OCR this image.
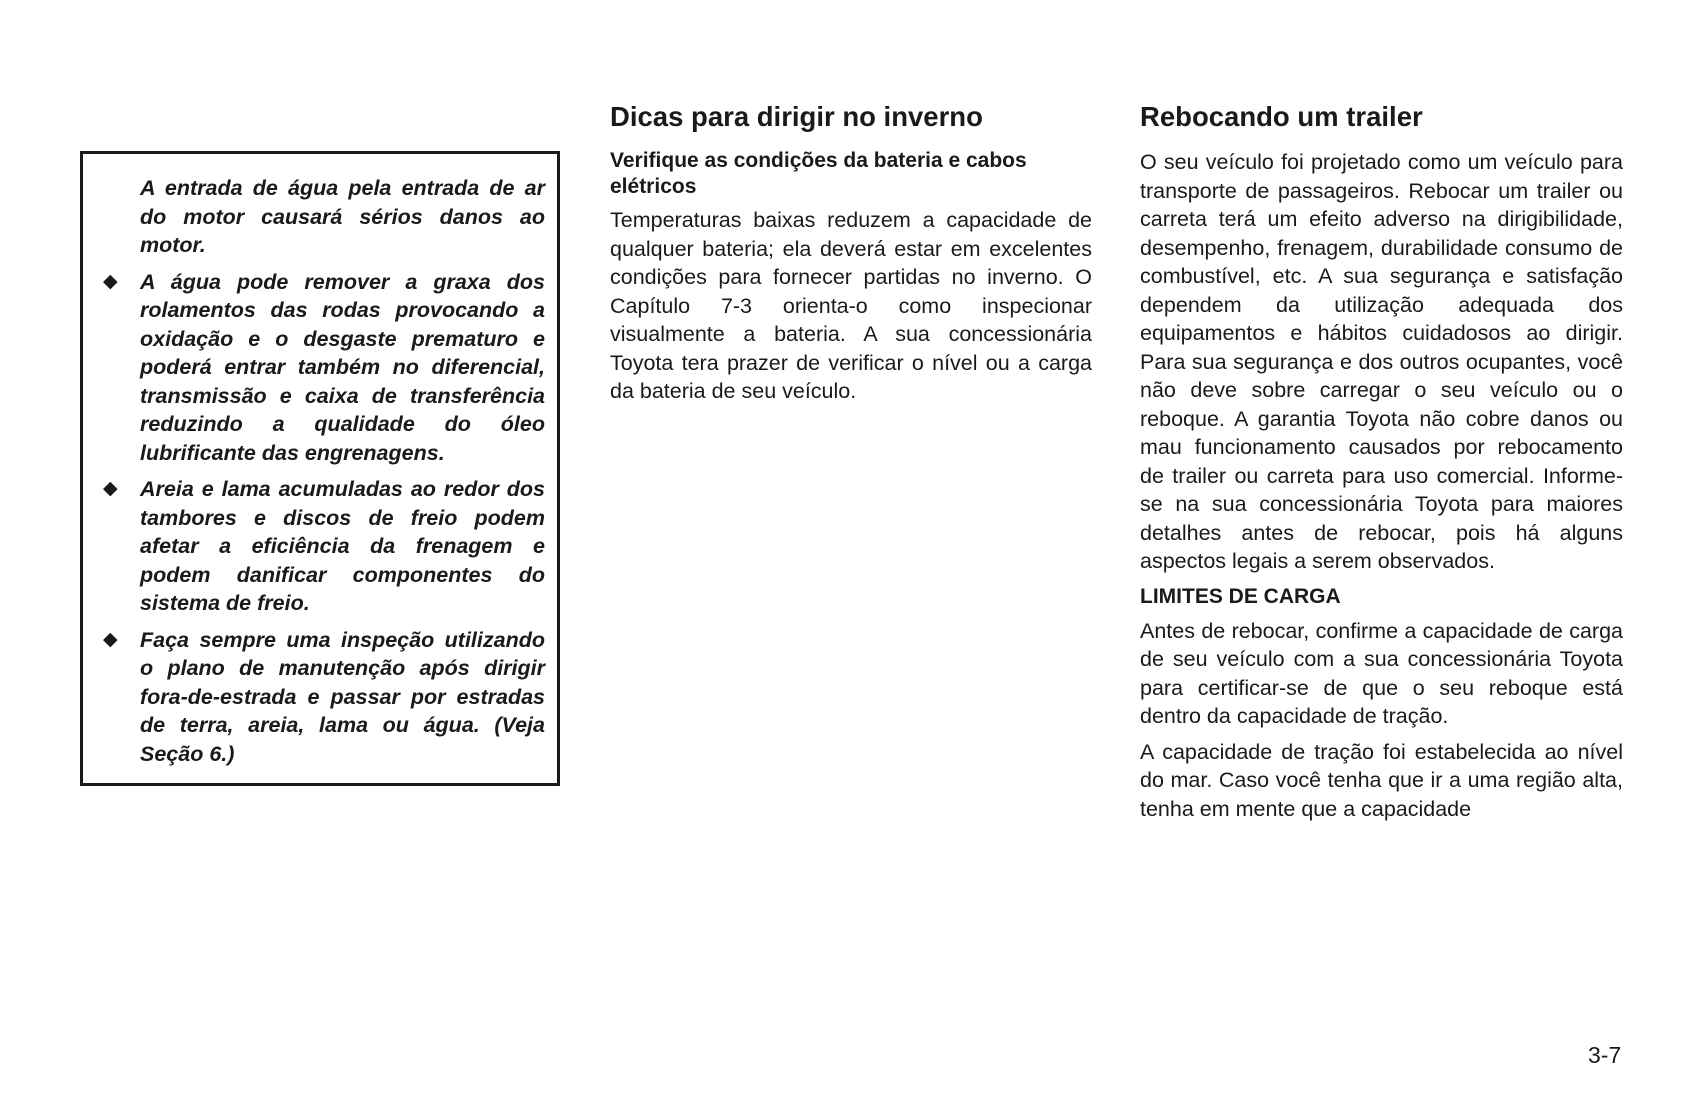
A entrada de água pela entrada de ar do motor causará sérios danos ao motor.
◆ A água pode remover a graxa dos rolamentos das rodas provocando a oxidação e o desgaste prematuro e poderá entrar também no diferencial, transmissão e caixa de transferência reduzindo a qualidade do óleo lubrificante das engrenagens.
◆ Areia e lama acumuladas ao redor dos tambores e discos de freio podem afetar a eficiência da frenagem e podem danificar componentes do sistema de freio.
◆ Faça sempre uma inspeção utilizando o plano de manutenção após dirigir fora-de-estrada e passar por estradas de terra, areia, lama ou água. (Veja Seção 6.)
Dicas para dirigir no inverno
Verifique as condições da bateria e cabos elétricos

Temperaturas baixas reduzem a capacidade de qualquer bateria; ela deverá estar em excelentes condições para fornecer partidas no inverno. O Capítulo 7-3 orienta-o como inspecionar visualmente a bateria. A sua concessionária Toyota tera prazer de verificar o nível ou a carga da bateria de seu veículo.

Rebocando um trailer

O seu veículo foi projetado como um veículo para transporte de passageiros. Rebocar um trailer ou carreta terá um efeito adverso na dirigibilidade, desempenho, frenagem, durabilidade consumo de combustível, etc. A sua segurança e satisfação dependem da utilização adequada dos equipamentos e hábitos cuidadosos ao dirigir. Para sua segurança e dos outros ocupantes, você não deve sobre carregar o seu veículo ou o reboque. A garantia Toyota não cobre danos ou mau funcionamento causados por rebocamento de trailer ou carreta para uso comercial. Informe-se na sua concessionária Toyota para maiores detalhes antes de rebocar, pois há alguns aspectos legais a serem observados.

LIMITES DE CARGA

Antes de rebocar, confirme a capacidade de carga de seu veículo com a sua concessionária Toyota para certificar-se de que o seu reboque está dentro da capacidade de tração.

A capacidade de tração foi estabelecida ao nível do mar. Caso você tenha que ir a uma região alta, tenha em mente que a capacidade

3-7
